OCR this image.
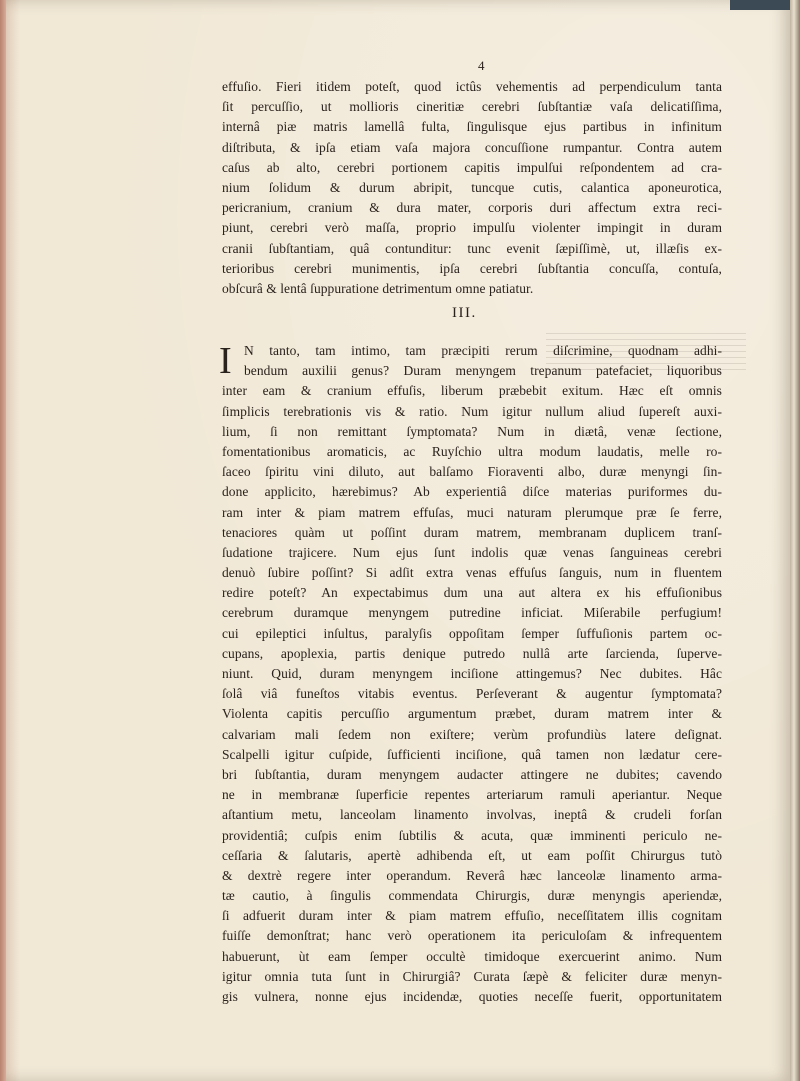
4
effuſio. Fieri itidem poteſt, quod ictûs vehementis ad perpendiculum tanta
ſit percuſſio, ut mollioris cineritiæ cerebri ſubſtantiæ vaſa delicatiſſima,
internâ piæ matris lamellâ fulta, ſingulisque ejus partibus in infinitum
diſtributa, & ipſa etiam vaſa majora concuſſione rumpantur. Contra autem
caſus ab alto, cerebri portionem capitis impulſui reſpondentem ad cra-
nium ſolidum & durum abripit, tuncque cutis, calantica aponeurotica,
pericranium, cranium & dura mater, corporis duri affectum extra reci-
piunt, cerebri verò maſſa, proprio impulſu violenter impingit in duram
cranii ſubſtantiam, quâ contunditur: tunc evenit ſæpiſſimè, ut, illæſis ex-
terioribus cerebri munimentis, ipſa cerebri ſubſtantia concuſſa, contuſa,
obſcurâ & lentâ ſuppuratione detrimentum omne patiatur.
III.
I N tanto, tam intimo, tam præcipiti rerum diſcrimine, quodnam adhi-
bendum auxilii genus? Duram menyngem trepanum patefaciet, liquoribus
inter eam & cranium effuſis, liberum præbebit exitum. Hæc eſt omnis
ſimplicis terebrationis vis & ratio. Num igitur nullum aliud ſupereſt auxi-
lium, ſi non remittant ſymptomata? Num in diætâ, venæ ſectione,
fomentationibus aromaticis, ac Ruyſchio ultra modum laudatis, melle ro-
ſaceo ſpiritu vini diluto, aut balſamo Fioraventi albo, duræ menyngi ſin-
done applicito, hærebimus? Ab experientiâ diſce materias puriformes du-
ram inter & piam matrem effuſas, muci naturam plerumque præ ſe ferre,
tenaciores quàm ut poſſint duram matrem, membranam duplicem tranſ-
ſudatione trajicere. Num ejus ſunt indolis quæ venas ſanguineas cerebri
denuò ſubire poſſint? Si adſit extra venas effuſus ſanguis, num in fluentem
redire poteſt? An expectabimus dum una aut altera ex his effuſionibus
cerebrum duramque menyngem putredine inficiat. Miſerabile perfugium!
cui epileptici inſultus, paralyſis oppoſitam ſemper ſuffuſionis partem oc-
cupans, apoplexia, partis denique putredo nullâ arte ſarcienda, ſuperve-
niunt. Quid, duram menyngem inciſione attingemus? Nec dubites. Hâc
ſolâ viâ funeſtos vitabis eventus. Perſeverant & augentur ſymptomata?
Violenta capitis percuſſio argumentum præbet, duram matrem inter &
calvariam mali ſedem non exiſtere; verùm profundiùs latere deſignat.
Scalpelli igitur cuſpide, ſufficienti inciſione, quâ tamen non lædatur cere-
bri ſubſtantia, duram menyngem audacter attingere ne dubites; cavendo
ne in membranæ ſuperficie repentes arteriarum ramuli aperiantur. Neque
aſtantium metu, lanceolam linamento involvas, ineptâ & crudeli forſan
providentiâ; cuſpis enim ſubtilis & acuta, quæ imminenti periculo ne-
ceſſaria & ſalutaris, apertè adhibenda eſt, ut eam poſſit Chirurgus tutò
& dextrè regere inter operandum. Reverâ hæc lanceolæ linamento arma-
tæ cautio, à ſingulis commendata Chirurgis, duræ menyngis aperiendæ,
ſi adfuerit duram inter & piam matrem effuſio, neceſſitatem illis cognitam
fuiſſe demonſtrat; hanc verò operationem ita periculoſam & infrequentem
habuerunt, ùt eam ſemper occultè timidoque exercuerint animo. Num
igitur omnia tuta ſunt in Chirurgiâ? Curata ſæpè & feliciter duræ menyn-
gis vulnera, nonne ejus incidendæ, quoties neceſſe fuerit, opportunitatem
